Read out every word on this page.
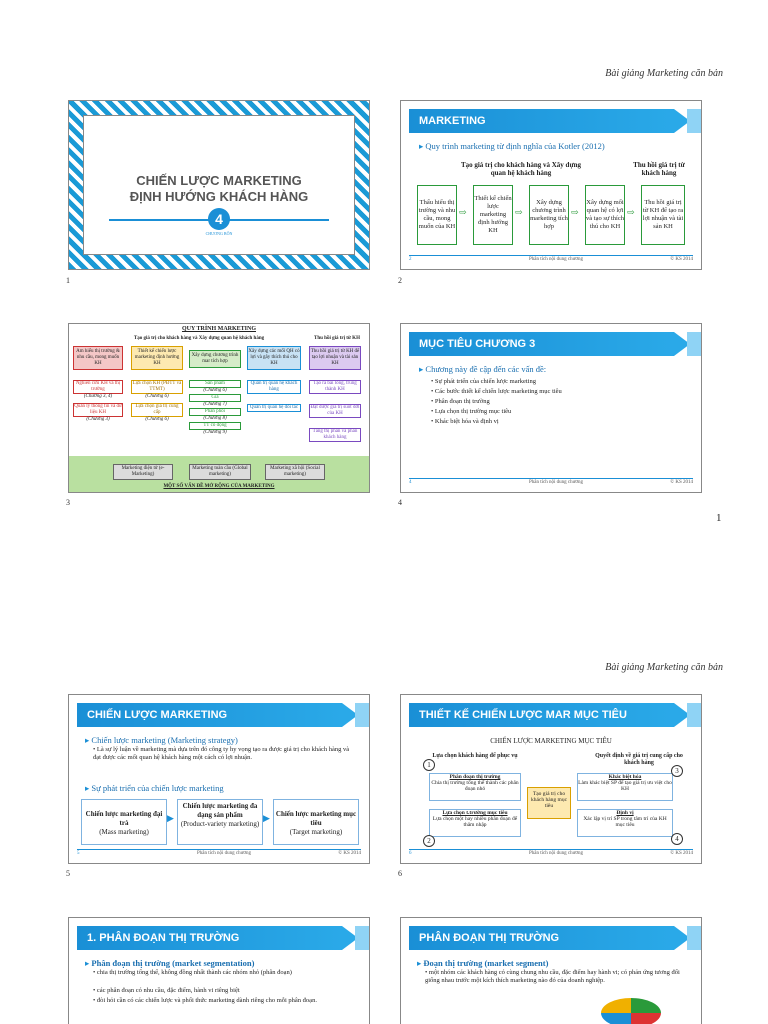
Bài giảng Marketing căn bản
Bài giảng Marketing căn bản
CHIẾN LƯỢC MARKETING
ĐỊNH HƯỚNG KHÁCH HÀNG
4
CHƯƠNG BỐN
1
MARKETING
▸ Quy trình marketing từ định nghĩa của Kotler (2012)
Tạo giá trị cho khách hàng và Xây dựng quan hệ khách hàng
Thu hồi giá trị từ khách hàng
Thấu hiểu thị trường và nhu cầu, mong muốn của KH
⇨
Thiết kế chiến lược marketing định hướng KH
⇨
Xây dựng chương trình marketing tích hợp
⇨
Xây dựng mối quan hệ có lợi và tạo sự thích thú cho KH
⇨
Thu hồi giá trị từ KH để tạo ra lợi nhuận và tài sản KH
2	Phân tích nội dung chương	© KS 2014
2
QUY TRÌNH MARKETING
Tạo giá trị cho khách hàng và Xây dựng quan hệ khách hàng	Thu hồi giá trị từ KH
Am hiểu thị trường & nhu cầu, mong muốn KH
Thiết kế chiến lược marketing định hướng KH
Xây dựng chương trình mar tích hợp
Xây dựng các mối QH có lợi và gây thích thú cho KH
Thu hồi giá trị từ KH để tạo lợi nhuận và tài sản KH
Nghiên cứu KH và thị trường
(Chương 3, 4)
Quản lý thông tin và dữ liệu KH
(Chương 3)
Lựa chọn KH (PĐTT và TTMT)
(Chương 6)
Lựa chọn giá trị cung cấp
(Chương 6)
Sản phẩm
(Chương 6)
Giá
(Chương 7)
Phân phối
(Chương 8)
TT cổ động
(Chương 9)
Quản trị quan hệ khách hàng
Quản trị quan hệ đối tác
Tạo ra bài lòng, trung thành KH
Đạt được giá trị suốt đời của KH
Tăng thị phần và phần khách hàng
Marketing điện tử (e-Marketing)
Marketing toàn cầu (Global marketing)
Marketing xã hội (Social marketing)
MỘT SỐ VẤN ĐỀ MỞ RỘNG CỦA MARKETING
3
MỤC TIÊU CHƯƠNG 3
▸ Chương này đề cập đến các vấn đề:
• Sự phát triển của chiến lược marketing
• Các bước thiết kế chiến lược marketing mục tiêu
• Phân đoạn thị trường
• Lựa chọn thị trường mục tiêu
• Khác biệt hóa và định vị
4	Phân tích nội dung chương	© KS 2014
4
1
CHIẾN LƯỢC MARKETING
▸ Chiến lược marketing (Marketing strategy)
• Là sự lý luận về marketing mà dựa trên đó công ty hy vọng tạo ra được giá trị cho khách hàng và đạt được các mối quan hệ khách hàng một cách có lợi nhuận.
▸ Sự phát triển của chiến lược marketing
Chiến lược marketing đại trà
(Mass marketing)
▶
Chiến lược marketing đa dạng sản phẩm
(Product-variety marketing)
▶ Chiến lược marketing mục tiêu
(Target marketing)
5	Phân tích nội dung chương	© KS 2014
5
THIẾT KẾ CHIẾN LƯỢC MAR MỤC TIÊU
CHIẾN LƯỢC MARKETING MỤC TIÊU
Lựa chọn khách hàng để phục vụ	Quyết định về giá trị cung cấp cho khách hàng
Phân đoạn thị trường
Chia thị trường tổng thể thành các phân đoạn nhỏ
Lựa chọn t.trường mục tiêu
Lựa chọn một hay nhiều phân đoạn để thâm nhập
Khác biệt hóa
Làm khác biệt SP để tạo giá trị ưu việt cho KH
Định vị
Xác lập vị trí SP trong tâm trí của KH mục tiêu
Tạo giá trị cho khách hàng mục tiêu
1
2
3
4
6	Phân tích nội dung chương	© KS 2014
6
1. PHÂN ĐOẠN THỊ TRƯỜNG
▸ Phân đoạn thị trường (market segmentation)
• chia thị trường tổng thể, không đồng nhất thành các nhóm nhỏ (phân đoạn)
• các phân đoạn có nhu cầu, đặc điểm, hành vi riêng biệt
• đòi hỏi cần có các chiến lược và phối thức marketing dành riêng cho mỗi phân đoạn.
PHÂN ĐOẠN THỊ TRƯỜNG
▸ Đoạn thị trường (market segment)
• một nhóm các khách hàng có cùng chung nhu cầu, đặc điểm hay hành vi; có phản ứng tương đối giống nhau trước một kích thích marketing nào đó của doanh nghiệp.
